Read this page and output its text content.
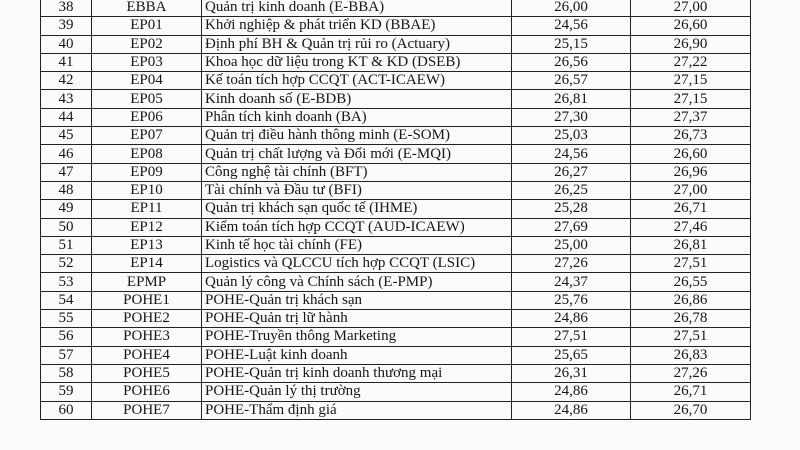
38	EBBA	Quản trị kinh doanh (E-BBA)	26,00	27,00
39	EP01	Khởi nghiệp & phát triển KD (BBAE)	24,56	26,60
40	EP02	Định phí BH & Quản trị rủi ro (Actuary)	25,15	26,90
41	EP03	Khoa học dữ liệu trong KT & KD (DSEB)	26,56	27,22
42	EP04	Kế toán tích hợp CCQT (ACT-ICAEW)	26,57	27,15
43	EP05	Kinh doanh số (E-BDB)	26,81	27,15
44	EP06	Phân tích kinh doanh (BA)	27,30	27,37
45	EP07	Quản trị điều hành thông minh (E-SOM)	25,03	26,73
46	EP08	Quản trị chất lượng và Đổi mới (E-MQI)	24,56	26,60
47	EP09	Công nghệ tài chính (BFT)	26,27	26,96
48	EP10	Tài chính và Đầu tư (BFI)	26,25	27,00
49	EP11	Quản trị khách sạn quốc tế (IHME)	25,28	26,71
50	EP12	Kiểm toán tích hợp CCQT (AUD-ICAEW)	27,69	27,46
51	EP13	Kinh tế học tài chính (FE)	25,00	26,81
52	EP14	Logistics và QLCCU tích hợp CCQT (LSIC)	27,26	27,51
53	EPMP	Quản lý công và Chính sách (E-PMP)	24,37	26,55
54	POHE1	POHE-Quản trị khách sạn	25,76	26,86
55	POHE2	POHE-Quản trị lữ hành	24,86	26,78
56	POHE3	POHE-Truyền thông Marketing	27,51	27,51
57	POHE4	POHE-Luật kinh doanh	25,65	26,83
58	POHE5	POHE-Quản trị kinh doanh thương mại	26,31	27,26
59	POHE6	POHE-Quản lý thị trường	24,86	26,71
60	POHE7	POHE-Thẩm định giá	24,86	26,70
